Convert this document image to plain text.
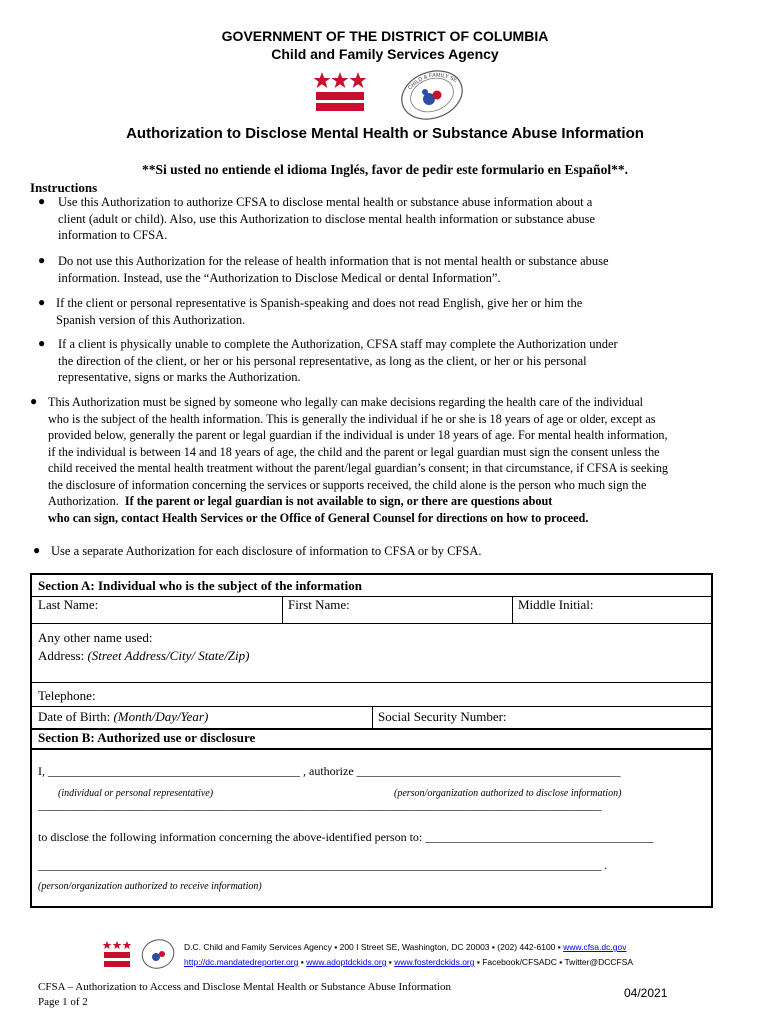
GOVERNMENT OF THE DISTRICT OF COLUMBIA
Child and Family Services Agency
CHILD & FAMILY SE
Authorization to Disclose Mental Health or Substance Abuse Information
**Si usted no entiende el idioma Inglés, favor de pedir este formulario en Español**.
Instructions
● Use this Authorization to authorize CFSA to disclose mental health or substance abuse information about a
client (adult or child). Also, use this Authorization to disclose mental health information or substance abuse
information to CFSA.
● Do not use this Authorization for the release of health information that is not mental health or substance abuse
information. Instead, use the “Authorization to Disclose Medical or dental Information”.
● If the client or personal representative is Spanish-speaking and does not read English, give her or him the
Spanish version of this Authorization.
● If a client is physically unable to complete the Authorization, CFSA staff may complete the Authorization under
the direction of the client, or her or his personal representative, as long as the client, or her or his personal
representative, signs or marks the Authorization.
● This Authorization must be signed by someone who legally can make decisions regarding the health care of the individual
who is the subject of the health information. This is generally the individual if he or she is 18 years of age or older, except as
provided below, generally the parent or legal guardian if the individual is under 18 years of age. For mental health information,
if the individual is between 14 and 18 years of age, the child and the parent or legal guardian must sign the consent unless the
child received the mental health treatment without the parent/legal guardian’s consent; in that circumstance, if CFSA is seeking
the disclosure of information concerning the services or supports received, the child alone is the person who much sign the
Authorization. If the parent or legal guardian is not available to sign, or there are questions about
who can sign, contact Health Services or the Office of General Counsel for directions on how to proceed.
● Use a separate Authorization for each disclosure of information to CFSA or by CFSA.
Section A: Individual who is the subject of the information
Last Name:	First Name:	Middle Initial:
Any other name used:
Address: (Street Address/City/ State/Zip)
Telephone:
Date of Birth: (Month/Day/Year)	Social Security Number:
Section B: Authorized use or disclosure
I, __________________________________________ , authorize ____________________________________________
(individual or personal representative)	(person/organization authorized to disclose information)
__________________________________________________________________________________________________
to disclose the following information concerning the above-identified person to: ______________________________________
__________________________________________________________________________________________________ .
(person/organization authorized to receive information)
D.C. Child and Family Services Agency ▪ 200 I Street SE, Washington, DC 20003 ▪ (202) 442-6100 ▪ www.cfsa.dc.gov
http://dc.mandatedreporter.org ▪ www.adoptdckids.org ▪ www.fosterdckids.org ▪ Facebook/CFSADC ▪ Twitter@DCCFSA
CFSA – Authorization to Access and Disclose Mental Health or Substance Abuse Information
Page 1 of 2
04/2021
